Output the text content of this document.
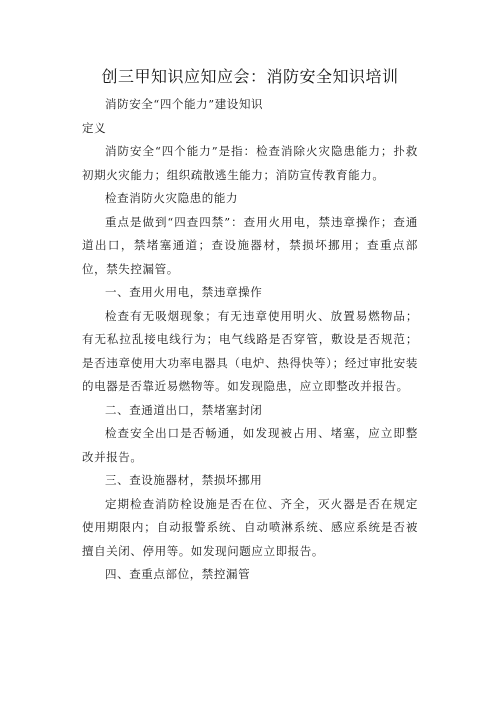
创三甲知识应知应会：消防安全知识培训

消防安全“四个能力”建设知识

定义

消防安全“四个能力”是指：检查消除火灾隐患能力；扑救初期火灾能力；组织疏散逃生能力；消防宣传教育能力。

检查消防火灾隐患的能力

重点是做到“四查四禁”：查用火用电，禁违章操作；查通道出口，禁堵塞通道；查设施器材，禁损坏挪用；查重点部位，禁失控漏管。

一、查用火用电，禁违章操作

检查有无吸烟现象；有无违章使用明火、放置易燃物品；有无私拉乱接电线行为；电气线路是否穿管，敷设是否规范；是否违章使用大功率电器具（电炉、热得快等）；经过审批安装的电器是否靠近易燃物等。如发现隐患，应立即整改并报告。

二、查通道出口，禁堵塞封闭

检查安全出口是否畅通，如发现被占用、堵塞，应立即整改并报告。

三、查设施器材，禁损坏挪用

定期检查消防栓设施是否在位、齐全，灭火器是否在规定使用期限内；自动报警系统、自动喷淋系统、感应系统是否被擅自关闭、停用等。如发现问题应立即报告。

四、查重点部位，禁控漏管
